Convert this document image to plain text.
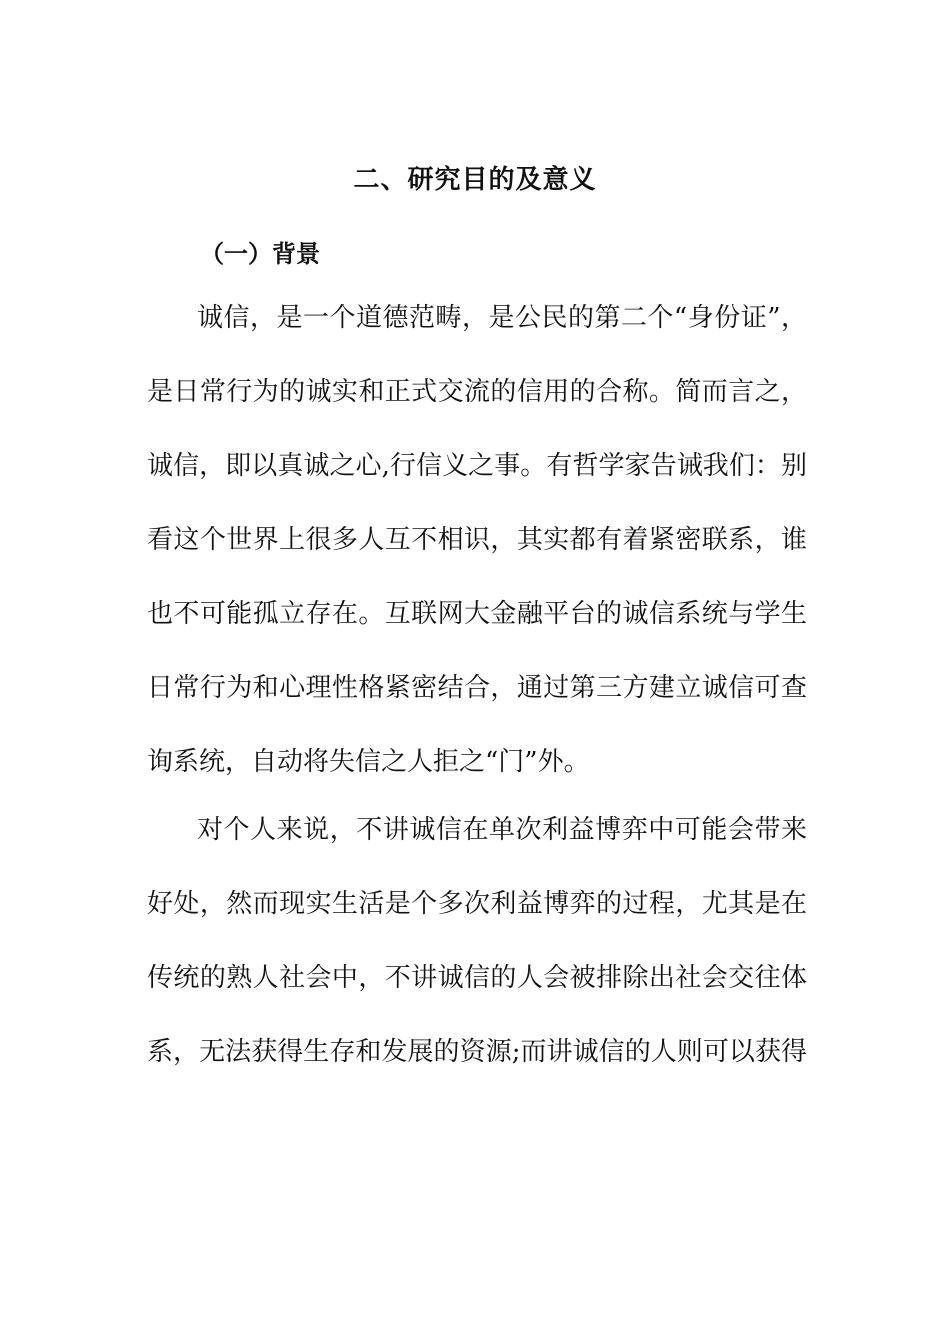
二、研究目的及意义
（一）背景
诚信，是一个道德范畴，是公民的第二个“身份证”，
是日常行为的诚实和正式交流的信用的合称。简而言之，
诚信，即以真诚之心,行信义之事。有哲学家告诫我们：别
看这个世界上很多人互不相识，其实都有着紧密联系，谁
也不可能孤立存在。互联网大金融平台的诚信系统与学生
日常行为和心理性格紧密结合，通过第三方建立诚信可查
询系统，自动将失信之人拒之“门”外。
对个人来说，不讲诚信在单次利益博弈中可能会带来
好处，然而现实生活是个多次利益博弈的过程，尤其是在
传统的熟人社会中，不讲诚信的人会被排除出社会交往体
系，无法获得生存和发展的资源;而讲诚信的人则可以获得
